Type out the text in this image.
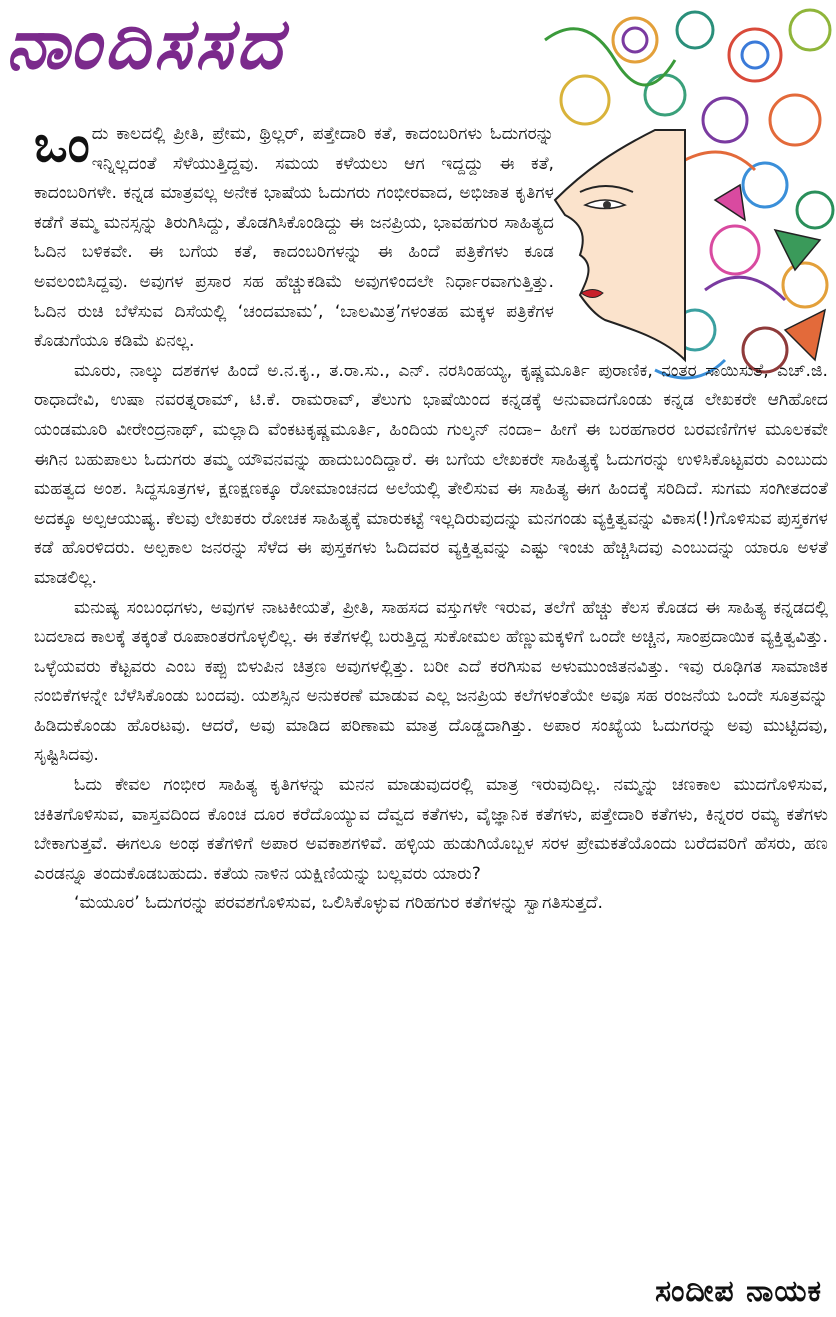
ನಾಂದಿಸಸದ
ಒಂದು ಕಾಲದಲ್ಲಿ ಪ್ರೀತಿ, ಪ್ರೇಮ, ಥ್ರಿಲ್ಲರ್, ಪತ್ತೇದಾರಿ ಕತೆ, ಕಾದಂಬರಿಗಳು ಓದುಗರನ್ನು ಇನ್ನಿಲ್ಲದಂತೆ ಸೆಳೆಯುತ್ತಿದ್ದವು. ಸಮಯ ಕಳೆಯಲು ಆಗ ಇದ್ದದ್ದು ಈ ಕತೆ, ಕಾದಂಬರಿಗಳೇ. ಕನ್ನಡ ಮಾತ್ರವಲ್ಲ ಅನೇಕ ಭಾಷೆಯ ಓದುಗರು ಗಂಭೀರವಾದ, ಅಭಿಜಾತ ಕೃತಿಗಳ ಕಡೆಗೆ ತಮ್ಮ ಮನಸ್ಸನ್ನು ತಿರುಗಿಸಿದ್ದು, ತೊಡಗಿಸಿಕೊಂಡಿದ್ದು ಈ ಜನಪ್ರಿಯ, ಭಾವಹಗುರ ಸಾಹಿತ್ಯದ ಓದಿನ ಬಳಿಕವೇ. ಈ ಬಗೆಯ ಕತೆ, ಕಾದಂಬರಿಗಳನ್ನು ಈ ಹಿಂದೆ ಪತ್ರಿಕೆಗಳು ಕೂಡ ಅವಲಂಬಿಸಿದ್ದವು. ಅವುಗಳ ಪ್ರಸಾರ ಸಹ ಹೆಚ್ಚುಕಡಿಮೆ ಅವುಗಳಿಂದಲೇ ನಿರ್ಧಾರವಾಗುತ್ತಿತ್ತು. ಓದಿನ ರುಚಿ ಬೆಳೆಸುವ ದಿಸೆಯಲ್ಲಿ ‘ಚಂದಮಾಮ’, ‘ಬಾಲಮಿತ್ರ’ಗಳಂತಹ ಮಕ್ಕಳ ಪತ್ರಿಕೆಗಳ ಕೊಡುಗೆಯೂ ಕಡಿಮೆ ಏನಲ್ಲ.

ಮೂರು, ನಾಲ್ಕು ದಶಕಗಳ ಹಿಂದೆ ಅ.ನ.ಕೃ., ತ.ರಾ.ಸು., ಎನ್. ನರಸಿಂಹಯ್ಯ, ಕೃಷ್ಣಮೂರ್ತಿ ಪುರಾಣಿಕ, ನಂತರ ಸಾಯಿಸುತೆ, ಎಚ್.ಜಿ. ರಾಧಾದೇವಿ, ಉಷಾ ನವರತ್ನರಾಮ್, ಟಿ.ಕೆ. ರಾಮರಾವ್, ತೆಲುಗು ಭಾಷೆಯಿಂದ ಕನ್ನಡಕ್ಕೆ ಅನುವಾದಗೊಂಡು ಕನ್ನಡ ಲೇಖಕರೇ ಆಗಿಹೋದ ಯಂಡಮೂರಿ ವೀರೇಂದ್ರನಾಥ್, ಮಲ್ಲಾದಿ ವೆಂಕಟಕೃಷ್ಣಮೂರ್ತಿ, ಹಿಂದಿಯ ಗುಲ್ಶನ್ ನಂದಾ– ಹೀಗೆ ಈ ಬರಹಗಾರರ ಬರವಣಿಗೆಗಳ ಮೂಲಕವೇ ಈಗಿನ ಬಹುಪಾಲು ಓದುಗರು ತಮ್ಮ ಯೌವನವನ್ನು ಹಾದುಬಂದಿದ್ದಾರೆ. ಈ ಬಗೆಯ ಲೇಖಕರೇ ಸಾಹಿತ್ಯಕ್ಕೆ ಓದುಗರನ್ನು ಉಳಿಸಿಕೊಟ್ಟವರು ಎಂಬುದು ಮಹತ್ವದ ಅಂಶ. ಸಿದ್ಧಸೂತ್ರಗಳ, ಕ್ಷಣಕ್ಷಣಕ್ಕೂ ರೋಮಾಂಚನದ ಅಲೆಯಲ್ಲಿ ತೇಲಿಸುವ ಈ ಸಾಹಿತ್ಯ ಈಗ ಹಿಂದಕ್ಕೆ ಸರಿದಿದೆ. ಸುಗಮ ಸಂಗೀತದಂತೆ ಅದಕ್ಕೂ ಅಲ್ಪಆಯುಷ್ಯ. ಕೆಲವು ಲೇಖಕರು ರೋಚಕ ಸಾಹಿತ್ಯಕ್ಕೆ ಮಾರುಕಟ್ಟೆ ಇಲ್ಲದಿರುವುದನ್ನು ಮನಗಂಡು ವ್ಯಕ್ತಿತ್ವವನ್ನು ವಿಕಾಸ(!)ಗೊಳಿಸುವ ಪುಸ್ತಕಗಳ ಕಡೆ ಹೊರಳಿದರು. ಅಲ್ಪಕಾಲ ಜನರನ್ನು ಸೆಳೆದ ಈ ಪುಸ್ತಕಗಳು ಓದಿದವರ ವ್ಯಕ್ತಿತ್ವವನ್ನು ಎಷ್ಟು ಇಂಚು ಹೆಚ್ಚಿಸಿದವು ಎಂಬುದನ್ನು ಯಾರೂ ಅಳತೆ ಮಾಡಲಿಲ್ಲ.

ಮನುಷ್ಯ ಸಂಬಂಧಗಳು, ಅವುಗಳ ನಾಟಕೀಯತೆ, ಪ್ರೀತಿ, ಸಾಹಸದ ವಸ್ತುಗಳೇ ಇರುವ, ತಲೆಗೆ ಹೆಚ್ಚು ಕೆಲಸ ಕೊಡದ ಈ ಸಾಹಿತ್ಯ ಕನ್ನಡದಲ್ಲಿ ಬದಲಾದ ಕಾಲಕ್ಕೆ ತಕ್ಕಂತೆ ರೂಪಾಂತರಗೊಳ್ಳಲಿಲ್ಲ. ಈ ಕತೆಗಳಲ್ಲಿ ಬರುತ್ತಿದ್ದ ಸುಕೋಮಲ ಹೆಣ್ಣುಮಕ್ಕಳಿಗೆ ಒಂದೇ ಅಚ್ಚಿನ, ಸಾಂಪ್ರದಾಯಿಕ ವ್ಯಕ್ತಿತ್ವವಿತ್ತು. ಒಳ್ಳೆಯವರು ಕೆಟ್ಟವರು ಎಂಬ ಕಪ್ಪು ಬಿಳುಪಿನ ಚಿತ್ರಣ ಅವುಗಳಲ್ಲಿತ್ತು. ಬರೀ ಎದೆ ಕರಗಿಸುವ ಅಳುಮುಂಜಿತನವಿತ್ತು. ಇವು ರೂಢಿಗತ ಸಾಮಾಜಿಕ ನಂಬಿಕೆಗಳನ್ನೇ ಬೆಳೆಸಿಕೊಂಡು ಬಂದವು. ಯಶಸ್ಸಿನ ಅನುಕರಣೆ ಮಾಡುವ ಎಲ್ಲ ಜನಪ್ರಿಯ ಕಲೆಗಳಂತೆಯೇ ಅವೂ ಸಹ ರಂಜನೆಯ ಒಂದೇ ಸೂತ್ರವನ್ನು ಹಿಡಿದುಕೊಂಡು ಹೊರಟವು. ಆದರೆ, ಅವು ಮಾಡಿದ ಪರಿಣಾಮ ಮಾತ್ರ ದೊಡ್ಡದಾಗಿತ್ತು. ಅಪಾರ ಸಂಖ್ಯೆಯ ಓದುಗರನ್ನು ಅವು ಮುಟ್ಟಿದವು, ಸೃಷ್ಟಿಸಿದವು.

ಓದು ಕೇವಲ ಗಂಭೀರ ಸಾಹಿತ್ಯ ಕೃತಿಗಳನ್ನು ಮನನ ಮಾಡುವುದರಲ್ಲಿ ಮಾತ್ರ ಇರುವುದಿಲ್ಲ. ನಮ್ಮನ್ನು ಚಣಕಾಲ ಮುದಗೊಳಿಸುವ, ಚಕಿತಗೊಳಿಸುವ, ವಾಸ್ತವದಿಂದ ಕೊಂಚ ದೂರ ಕರೆದೊಯ್ಯುವ ದೆವ್ವದ ಕತೆಗಳು, ವೈಜ್ಞಾನಿಕ ಕತೆಗಳು, ಪತ್ತೇದಾರಿ ಕತೆಗಳು, ಕಿನ್ನರರ ರಮ್ಯ ಕತೆಗಳು ಬೇಕಾಗುತ್ತವೆ. ಈಗಲೂ ಅಂಥ ಕತೆಗಳಿಗೆ ಅಪಾರ ಅವಕಾಶಗಳಿವೆ. ಹಳ್ಳಿಯ ಹುಡುಗಿಯೊಬ್ಬಳ ಸರಳ ಪ್ರೇಮಕತೆಯೊಂದು ಬರೆದವರಿಗೆ ಹೆಸರು, ಹಣ ಎರಡನ್ನೂ ತಂದುಕೊಡಬಹುದು. ಕತೆಯ ನಾಳಿನ ಯಕ್ಷಿಣಿಯನ್ನು ಬಲ್ಲವರು ಯಾರು?

‘ಮಯೂರ’ ಓದುಗರನ್ನು ಪರವಶಗೊಳಿಸುವ, ಒಲಿಸಿಕೊಳ್ಳುವ ಗರಿಹಗುರ ಕತೆಗಳನ್ನು ಸ್ವಾಗತಿಸುತ್ತದೆ.

ಸಂದೀಪ ನಾಯಕ
